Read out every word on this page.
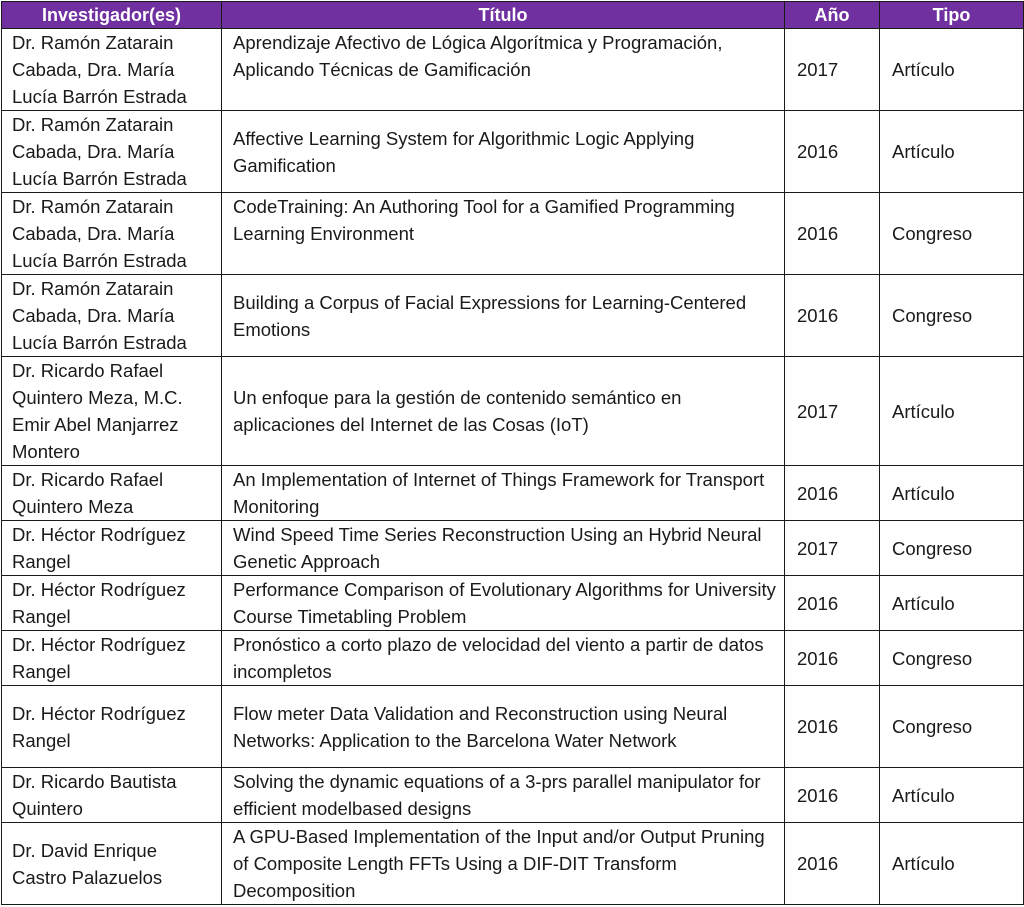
Investigador(es)	Título	Año	Tipo
Dr. Ramón Zatarain Cabada, Dra. María Lucía Barrón Estrada	Aprendizaje Afectivo de Lógica Algorítmica y Programación, Aplicando Técnicas de Gamificación	2017	Artículo
Dr. Ramón Zatarain Cabada, Dra. María Lucía Barrón Estrada	Affective Learning System for Algorithmic Logic Applying Gamification	2016	Artículo
Dr. Ramón Zatarain Cabada, Dra. María Lucía Barrón Estrada	CodeTraining: An Authoring Tool for a Gamified Programming Learning Environment	2016	Congreso
Dr. Ramón Zatarain Cabada, Dra. María Lucía Barrón Estrada	Building a Corpus of Facial Expressions for Learning-Centered Emotions	2016	Congreso
Dr. Ricardo Rafael Quintero Meza, M.C. Emir Abel Manjarrez Montero	Un enfoque para la gestión de contenido semántico en aplicaciones del Internet de las Cosas (IoT)	2017	Artículo
Dr. Ricardo Rafael Quintero Meza	An Implementation of Internet of Things Framework for Transport Monitoring	2016	Artículo
Dr. Héctor Rodríguez Rangel	Wind Speed Time Series Reconstruction Using an Hybrid Neural Genetic Approach	2017	Congreso
Dr. Héctor Rodríguez Rangel	Performance Comparison of Evolutionary Algorithms for University Course Timetabling Problem	2016	Artículo
Dr. Héctor Rodríguez Rangel	Pronóstico a corto plazo de velocidad del viento a partir de datos incompletos	2016	Congreso
Dr. Héctor Rodríguez Rangel	Flow meter Data Validation and Reconstruction using Neural Networks: Application to the Barcelona Water Network	2016	Congreso
Dr. Ricardo Bautista Quintero	Solving the dynamic equations of a 3-prs parallel manipulator for efficient modelbased designs	2016	Artículo
Dr. David Enrique Castro Palazuelos	A GPU-Based Implementation of the Input and/or Output Pruning of Composite Length FFTs Using a DIF-DIT Transform Decomposition	2016	Artículo
